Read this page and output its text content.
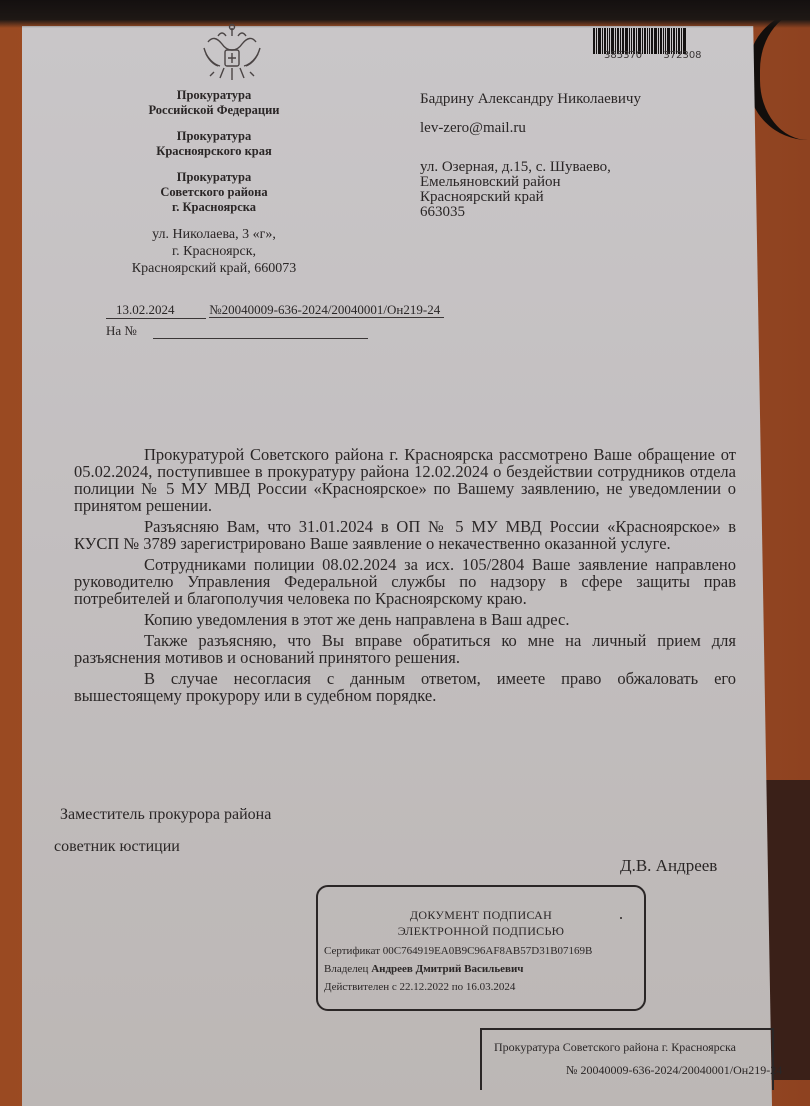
385370 372308
Прокуратура
Российской Федерации
Прокуратура
Красноярского края
Прокуратура
Советского района
г. Красноярска
ул. Николаева, 3 «г»,
г. Красноярск,
Красноярский край, 660073
Бадрину Александру Николаевичу
lev-zero@mail.ru
ул. Озерная, д.15, с. Шуваево,
Емельяновский район
Красноярский край
663035
13.02.2024	№20040009-636-2024/20040001/Он219-24
На №

Прокуратурой Советского района г. Красноярска рассмотрено Ваше обращение от 05.02.2024, поступившее в прокуратуру района 12.02.2024 о бездействии сотрудников отдела полиции № 5 МУ МВД России «Красноярское» по Вашему заявлению, не уведомлении о принятом решении.

Разъясняю Вам, что 31.01.2024 в ОП № 5 МУ МВД России «Красноярское» в КУСП № 3789 зарегистрировано Ваше заявление о некачественно оказанной услуге.

Сотрудниками полиции 08.02.2024 за исх. 105/2804 Ваше заявление направлено руководителю Управления Федеральной службы по надзору в сфере защиты прав потребителей и благополучия человека по Красноярскому краю.

Копию уведомления в этот же день направлена в Ваш адрес.

Также разъясняю, что Вы вправе обратиться ко мне на личный прием для разъяснения мотивов и оснований принятого решения.

В случае несогласия с данным ответом, имеете право обжаловать его вышестоящему прокурору или в судебном порядке.

Заместитель прокурора района
советник юстиции
Д.В. Андреев
ДОКУМЕНТ ПОДПИСАН
ЭЛЕКТРОННОЙ ПОДПИСЬЮ
Сертификат 00C764919EA0B9C96AF8AB57D31B07169B
Владелец Андреев Дмитрий Васильевич
Действителен с 22.12.2022 по 16.03.2024
Прокуратура Советского района г. Красноярска
№ 20040009-636-2024/20040001/Он219-24
